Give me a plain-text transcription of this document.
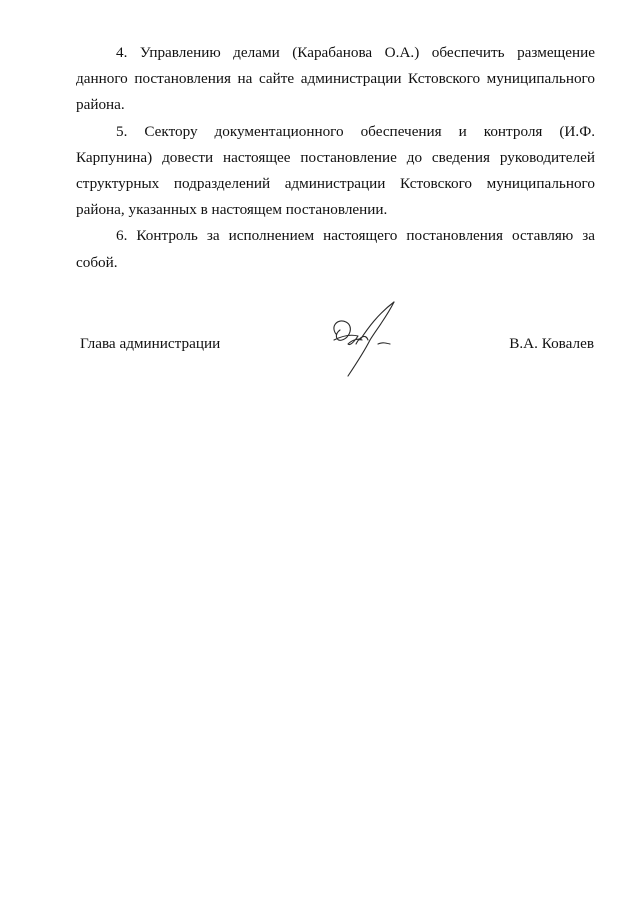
4. Управлению делами (Карабанова О.А.) обеспечить размещение данного постановления на сайте администрации Кстовского муниципального района.

5. Сектору документационного обеспечения и контроля (И.Ф. Карпунина) довести настоящее постановление до сведения руководителей структурных подразделений администрации Кстовского муниципального района, указанных в настоящем постановлении.

6. Контроль за исполнением настоящего постановления оставляю за собой.

Глава администрации	В.А. Ковалев
